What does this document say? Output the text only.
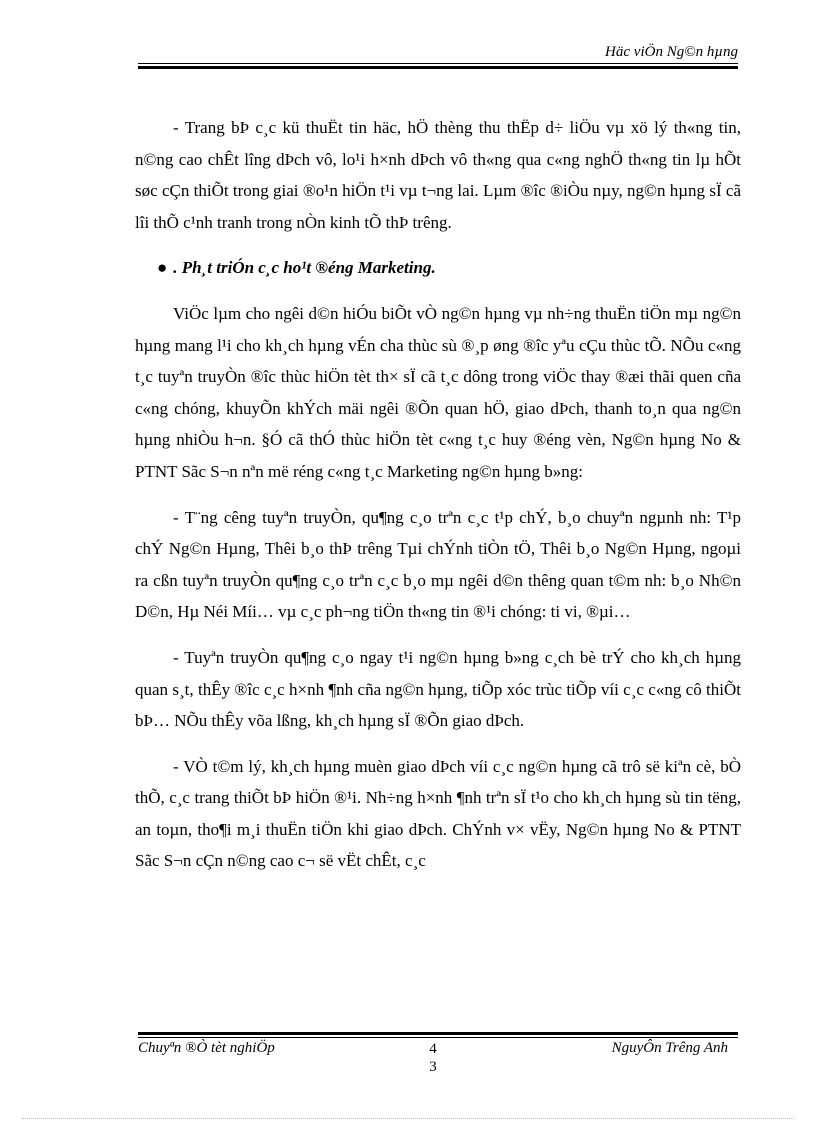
Häc viÖn Ng©n hµng

- Trang bÞ c¸c kü thuËt tin häc, hÖ thèng thu thËp d÷ liÖu vµ xö lý th«ng tin, n©ng cao chÊt lîng dÞch vô, lo¹i h×nh dÞch vô th«ng qua c«ng nghÖ th«ng tin lµ hÕt søc cÇn thiÕt trong giai ®o¹n hiÖn t¹i vµ t¬ng lai. Lµm ®îc ®iÒu nµy, ng©n hµng sÏ cã lîi thÕ c¹nh tranh trong nÒn kinh tÕ thÞ trêng.

● . Ph¸t triÓn c¸c ho¹t ®éng Marketing.

ViÖc lµm cho ngêi d©n hiÓu biÕt vÒ ng©n hµng vµ nh÷ng thuËn tiÖn mµ ng©n hµng mang l¹i cho kh¸ch hµng vÉn cha thùc sù ®¸p øng ®îc yªu cÇu thùc tÕ. NÕu c«ng t¸c tuyªn truyÒn ®îc thùc hiÖn tèt th× sÏ cã t¸c dông trong viÖc thay ®æi thãi quen cña c«ng chóng, khuyÕn khÝch mäi ngêi ®Õn quan hÖ, giao dÞch, thanh to¸n qua ng©n hµng nhiÒu h¬n. §Ó cã thÓ thùc hiÖn tèt c«ng t¸c huy ®éng vèn, Ng©n hµng No & PTNT Sãc S¬n nªn më réng c«ng t¸c Marketing ng©n hµng b»ng:

- T¨ng cêng tuyªn truyÒn, qu¶ng c¸o trªn c¸c t¹p chÝ, b¸o chuyªn ngµnh nh: T¹p chÝ Ng©n Hµng, Thêi b¸o thÞ trêng Tµi chÝnh tiÒn tÖ, Thêi b¸o Ng©n Hµng, ngoµi ra cßn tuyªn truyÒn qu¶ng c¸o trªn c¸c b¸o mµ ngêi d©n thêng quan t©m nh: b¸o Nh©n D©n, Hµ Néi Míi… vµ c¸c ph¬ng tiÖn th«ng tin ®¹i chóng: ti vi, ®µi…

- Tuyªn truyÒn qu¶ng c¸o ngay t¹i ng©n hµng b»ng c¸ch bè trÝ cho kh¸ch hµng quan s¸t, thÊy ®îc c¸c h×nh ¶nh cña ng©n hµng, tiÕp xóc trùc tiÕp víi c¸c c«ng cô thiÕt bÞ… NÕu thÊy võa lßng, kh¸ch hµng sÏ ®Õn giao dÞch.

- VÒ t©m lý, kh¸ch hµng muèn giao dÞch víi c¸c ng©n hµng cã trô së kiªn cè, bÒ thÕ, c¸c trang thiÕt bÞ hiÖn ®¹i. Nh÷ng h×nh ¶nh trªn sÏ t¹o cho kh¸ch hµng sù tin tëng, an toµn, tho¶i m¸i thuËn tiÖn khi giao dÞch. ChÝnh v× vËy, Ng©n hµng No & PTNT Sãc S¬n cÇn n©ng cao c¬ së vËt chÊt, c¸c

Chuyªn ®Ò tèt nghiÖp	4
3
NguyÔn Trêng Anh
